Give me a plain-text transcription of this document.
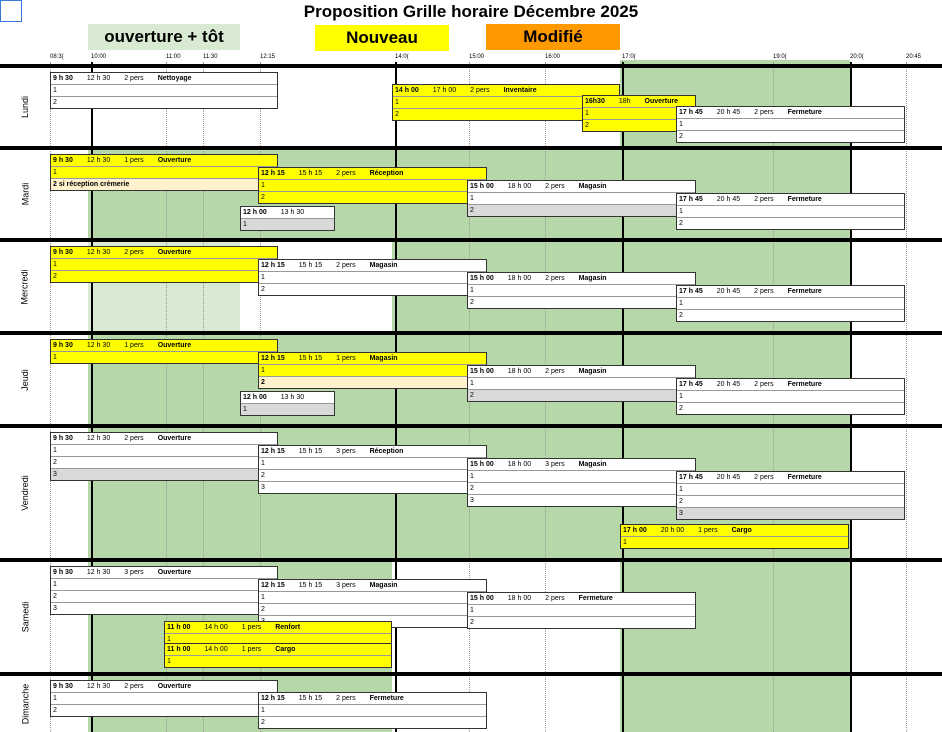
Proposition Grille horaire Décembre 2025
ouverture + tôt	Nouveau	Modifié
08:3(	10:00	11:00	11:30	12:15	14:0(	15:00	16:00	17:0(	19:0(	20:0(	20:45
Lundi
9 h 30 12 h 30 2 pers Nettoyage
1
2
14 h 00 17 h 00 2 pers Inventaire
1
2
16h30 18h Ouverture
1
2
17 h 45 20 h 45 2 pers Fermeture
1
2
Mardi
9 h 30 12 h 30 1 pers Ouverture
1
2 si réception crèmerie
12 h 15 15 h 15 2 pers Réception
1
2
15 h 00 18 h 00 2 pers Magasin
1
2
17 h 45 20 h 45 2 pers Fermeture
1
2
12 h 00 13 h 30
1
Mercredi
9 h 30 12 h 30 2 pers Ouverture
1
2
12 h 15 15 h 15 2 pers Magasin
1
2
15 h 00 18 h 00 2 pers Magasin
1
2
17 h 45 20 h 45 2 pers Fermeture
1
2
Jeudi
9 h 30 12 h 30 1 pers Ouverture
1	12 h 15 15 h 15 1 pers Magasin
1
2
15 h 00 18 h 00 2 pers Magasin
1
2
17 h 45 20 h 45 2 pers Fermeture
1
2
12 h 00 13 h 30
1
Vendredi
9 h 30 12 h 30 2 pers Ouverture
1
2
3
12 h 15 15 h 15 3 pers Réception
1
2
3
15 h 00 18 h 00 3 pers Magasin
1
2
3
17 h 45 20 h 45 2 pers Fermeture
1
2
3
17 h 00 20 h 00 1 pers Cargo
1
Samedi
9 h 30 12 h 30 3 pers Ouverture
1
2
3
12 h 15 15 h 15 3 pers Magasin
1
2
15 h 00 18 h 00 2 pers Fermeture
1
2
11 h 00 14 h 00 1 pers Renfort
1
11 h 00 14 h 00 1 pers Cargo
1
Dimanche	9 h 30 12 h 30 2 pers Ouverture
1
2
12 h 15 15 h 15 2 pers Fermeture
1
2
